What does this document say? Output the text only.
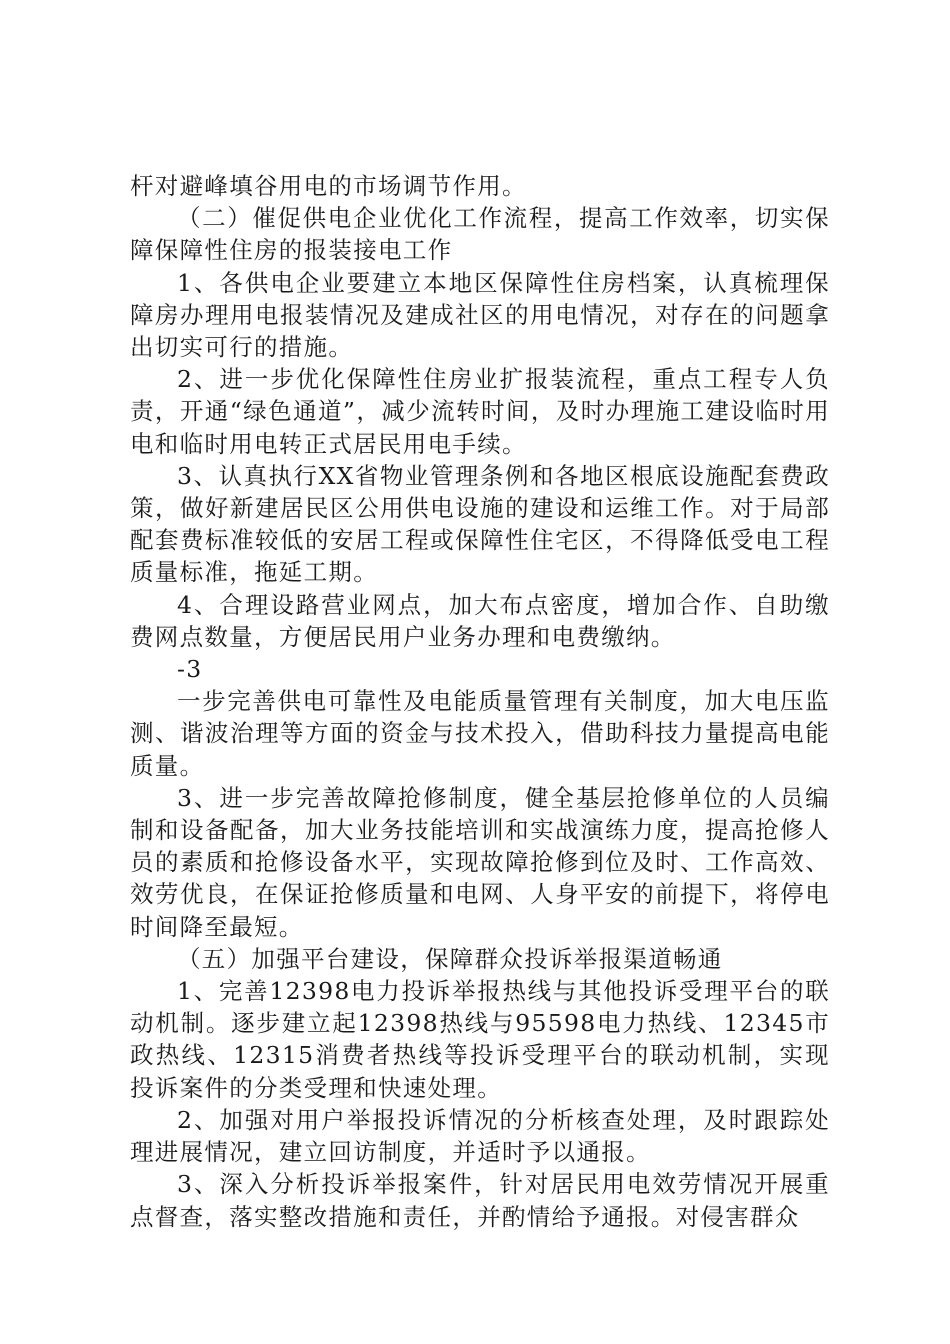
杆对避峰填谷用电的市场调节作用。

（二）催促供电企业优化工作流程，提高工作效率，切实保障保障性住房的报装接电工作

1、各供电企业要建立本地区保障性住房档案，认真梳理保障房办理用电报装情况及建成社区的用电情况，对存在的问题拿出切实可行的措施。

2、进一步优化保障性住房业扩报装流程，重点工程专人负责，开通“绿色通道”，减少流转时间，及时办理施工建设临时用电和临时用电转正式居民用电手续。

3、认真执行XX省物业管理条例和各地区根底设施配套费政策，做好新建居民区公用供电设施的建设和运维工作。对于局部配套费标准较低的安居工程或保障性住宅区，不得降低受电工程质量标准，拖延工期。

4、合理设路营业网点，加大布点密度，增加合作、自助缴费网点数量，方便居民用户业务办理和电费缴纳。

-3

一步完善供电可靠性及电能质量管理有关制度，加大电压监测、谐波治理等方面的资金与技术投入，借助科技力量提高电能质量。

3、进一步完善故障抢修制度，健全基层抢修单位的人员编制和设备配备，加大业务技能培训和实战演练力度，提高抢修人员的素质和抢修设备水平，实现故障抢修到位及时、工作高效、效劳优良，在保证抢修质量和电网、人身平安的前提下，将停电时间降至最短。

（五）加强平台建设，保障群众投诉举报渠道畅通

1、完善12398电力投诉举报热线与其他投诉受理平台的联动机制。逐步建立起12398热线与95598电力热线、12345市政热线、12315消费者热线等投诉受理平台的联动机制，实现投诉案件的分类受理和快速处理。

2、加强对用户举报投诉情况的分析核查处理，及时跟踪处理进展情况，建立回访制度，并适时予以通报。

3、深入分析投诉举报案件，针对居民用电效劳情况开展重点督查，落实整改措施和责任，并酌情给予通报。对侵害群众
